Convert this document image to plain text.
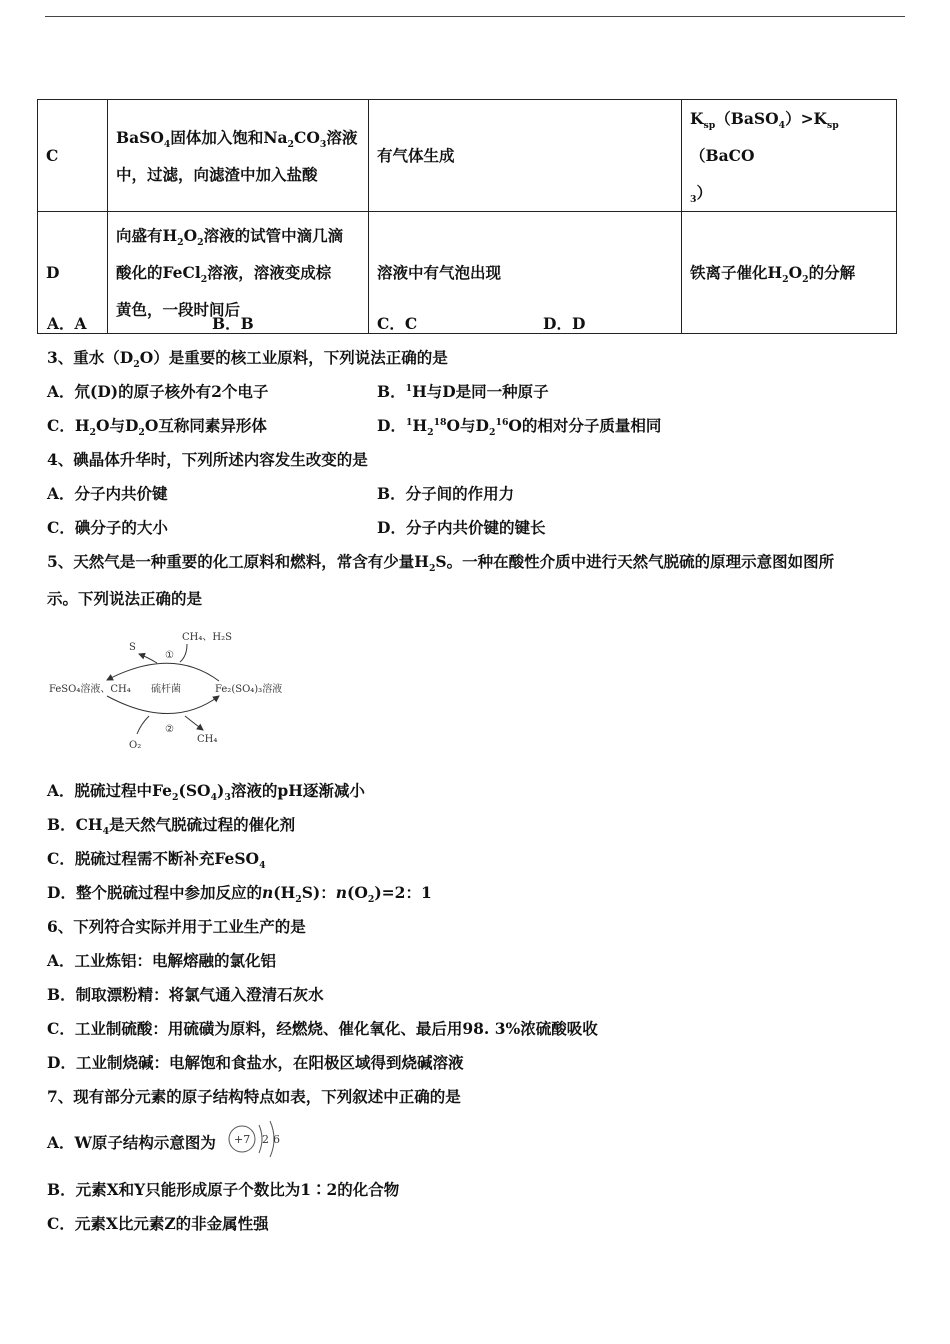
C	BaSO$_4$固体加入饱和$Na_2CO_3$溶液
中，过滤，向滤渣中加入盐酸	有气体生成	$K_{sp}(BaSO_4)>K_{sp}(BaCO$
$_3$）
D	向盛有$H_2O_2$溶液的试管中滴几滴
酸化的FeCl$_2$溶液，溶液变成棕
黄色，一段时间后	溶液中有气泡出现	铁离子催化$H_2O_2$的分解
A．A	B．B	C．C	D．D
3、重水$(D_2O)$是重要的核工业原料，下列说法正确的是
A．氘(D)的原子核外有2个电子	B．$^1$H与D是同一种原子
C．$H_2O$与$D_2O$互称同素异形体	D．$^1H_2^{18}O$与$D_2^{16}O$的相对分子质量相同
4、碘晶体升华时，下列所述内容发生改变的是
A．分子内共价键	B．分子间的作用力
C．碘分子的大小	D．分子内共价键的键长
5、天然气是一种重要的化工原料和燃料，常含有少量$H_2S$。一种在酸性介质中进行天然气脱硫的原理示意图如图所
示。下列说法正确的是
S
CH₄、H₂S
①
FeSO₄溶液、CH₄ 硫杆菌	Fe₂(SO₄)₃溶液
②
O₂
CH₄
A．脱硫过程中$Fe_2(SO_4)_3$溶液的pH逐渐减小
B．$CH_4$是天然气脱硫过程的催化剂
C．脱硫过程需不断补充FeSO$_4$
D．整个脱硫过程中参加反应的$n(H_2S)$：$n(O_2)=2$：1
6、下列符合实际并用于工业生产的是
A．工业炼铝：电解熔融的氯化铝
B．制取漂粉精：将氯气通入澄清石灰水
C．工业制硫酸：用硫磺为原料，经燃烧、催化氧化、最后用98. 3%浓硫酸吸收
D．工业制烧碱：电解饱和食盐水，在阳极区域得到烧碱溶液
7、现有部分元素的原子结构特点如表，下列叙述中正确的是
A．W原子结构示意图为 +7 2 6
B．元素X和Y只能形成原子个数比为1∶2的化合物
C．元素X比元素Z的非金属性强
